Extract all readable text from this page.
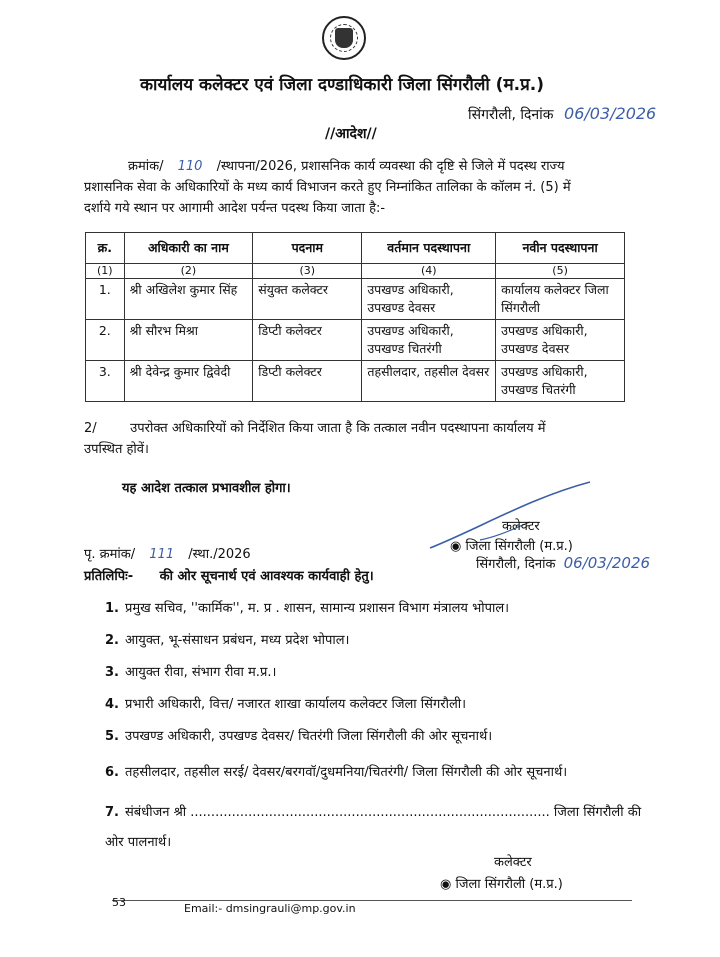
कार्यालय कलेक्टर एवं जिला दण्डाधिकारी जिला सिंगरौली (म.प्र.)
सिंगरौली, दिनांक 06/03/2026
//आदेश//
क्रमांक/ 110 /स्थापना/2026, प्रशासनिक कार्य व्यवस्था की दृष्टि से जिले में पदस्थ राज्य
प्रशासनिक सेवा के अधिकारियों के मध्य कार्य विभाजन करते हुए निम्नांकित तालिका के कॉलम नं. (5) में
दर्शाये गये स्थान पर आगामी आदेश पर्यन्त पदस्थ किया जाता है:-
क्र.	अधिकारी का नाम	पदनाम	वर्तमान पदस्थापना	नवीन पदस्थापना
(1)	(2)	(3)	(4)	(5)
1.	श्री अखिलेश कुमार सिंह	संयुक्त कलेक्टर	उपखण्ड अधिकारी, उपखण्ड देवसर	कार्यालय कलेक्टर जिला सिंगरौली
2.	श्री सौरभ मिश्रा	डिप्टी कलेक्टर	उपखण्ड अधिकारी, उपखण्ड चितरंगी	उपखण्ड अधिकारी, उपखण्ड देवसर
3.	श्री देवेन्द्र कुमार द्विवेदी	डिप्टी कलेक्टर	तहसीलदार, तहसील देवसर	उपखण्ड अधिकारी, उपखण्ड चितरंगी
2/	उपरोक्त अधिकारियों को निर्देशित किया जाता है कि तत्काल नवीन पदस्थापना कार्यालय में
उपस्थित होवें।
यह आदेश तत्काल प्रभावशील होगा।
कलेक्टर
◉ जिला सिंगरौली (म.प्र.)
पृ. क्रमांक/ 111 /स्था./2026
सिंगरौली, दिनांक 06/03/2026
प्रतिलिपिः- की ओर सूचनार्थ एवं आवश्यक कार्यवाही हेतु।
1. प्रमुख सचिव, ''कार्मिक'', म. प्र . शासन, सामान्य प्रशासन विभाग मंत्रालय भोपाल।
2. आयुक्त, भू-संसाधन प्रबंधन, मध्य प्रदेश भोपाल।
3. आयुक्त रीवा, संभाग रीवा म.प्र.।
4. प्रभारी अधिकारी, वित्त/ नजारत शाखा कार्यालय कलेक्टर जिला सिंगरौली।
5. उपखण्ड अधिकारी, उपखण्ड देवसर/ चितरंगी जिला सिंगरौली की ओर सूचनार्थ।
6. तहसीलदार, तहसील सरई/ देवसर/बरगवॉ/दुधमनिया/चितरंगी/ जिला सिंगरौली की ओर सूचनार्थ।
7. संबंधीजन श्री ....................................................................................... जिला सिंगरौली की ओर पालनार्थ।
कलेक्टर
◉ जिला सिंगरौली (म.प्र.)
53	Email:- dmsingrauli@mp.gov.in
